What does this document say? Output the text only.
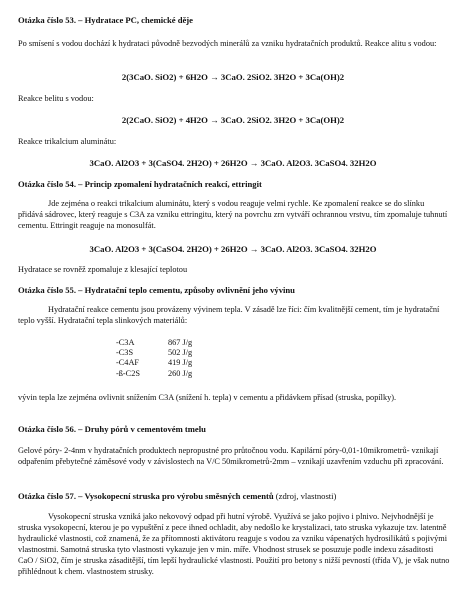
Otázka číslo 53. – Hydratace PC, chemické děje

Po smísení s vodou dochází k hydrataci původně bezvodých minerálů za vzniku hydratačních produktů. Reakce alitu s vodou:

2(3CaO. SiO2) + 6H2O → 3CaO. 2SiO2. 3H2O + 3Ca(OH)2

Reakce belitu s vodou:

2(2CaO. SiO2) + 4H2O → 3CaO. 2SiO2. 3H2O + 3Ca(OH)2

Reakce trikalcium aluminátu:

3CaO. Al2O3 + 3(CaSO4. 2H2O) + 26H2O → 3CaO. Al2O3. 3CaSO4. 32H2O

Otázka číslo 54. – Princip zpomalení hydratačních reakcí, ettringit

Jde zejména o reakci trikalcium aluminátu, který s vodou reaguje velmi rychle. Ke zpomalení reakce se do slínku přidává sádrovec, který reaguje s C3A za vzniku ettringitu, který na povrchu zrn vytváří ochrannou vrstvu, tím zpomaluje tuhnutí cementu. Ettringit reaguje na monosulfát.

3CaO. Al2O3 + 3(CaSO4. 2H2O) + 26H2O → 3CaO. Al2O3. 3CaSO4. 32H2O

Hydratace se rovněž zpomaluje z klesající teplotou

Otázka číslo 55. – Hydratační teplo cementu, způsoby ovlivnění jeho vývinu

Hydratační reakce cementu jsou provázeny vývinem tepla. V zásadě lze říci: čím kvalitnější cement, tím je hydratační teplo vyšší. Hydratační tepla slinkových materiálů:

-C3A	867 J/g
-C3S	502 J/g
-C4AF	419 J/g
-ß-C2S	260 J/g

vývin tepla lze zejména ovlivnit snížením C3A (snížení h. tepla) v cementu a přidávkem přísad (struska, popílky).

Otázka číslo 56. – Druhy pórů v cementovém tmelu

Gelové póry- 2-4nm v hydratačních produktech nepropustné pro průtočnou vodu. Kapilární póry-0,01-10mikrometrů- vznikají odpařením přebytečné záměsové vody v závislostech na V/C 50mikrometrů-2mm – vznikají uzavřením vzduchu při zpracování.

Otázka číslo 57. – Vysokopecní struska pro výrobu směsných cementů (zdroj, vlastnosti)

Vysokopecní struska vzniká jako nekovový odpad při hutní výrobě. Využívá se jako pojivo i plnivo. Nejvhodnější je struska vysokopecní, kterou je po vypuštění z pece ihned ochladit, aby nedošlo ke krystalizaci, tato struska vykazuje tzv. latentně hydraulické vlastnosti, což znamená, že za přítomnosti aktivátoru reaguje s vodou za vzniku vápenatých hydrosilikátů s pojivými vlastnostmi. Samotná struska tyto vlastnosti vykazuje jen v min. míře. Vhodnost strusek se posuzuje podle indexu zásaditosti CaO / SiO2, čím je struska zásaditější, tím lepší hydraulické vlastnosti. Použití pro betony s nižší pevností (třída V), je však nutno přihlédnout k chem. vlastnostem strusky.
